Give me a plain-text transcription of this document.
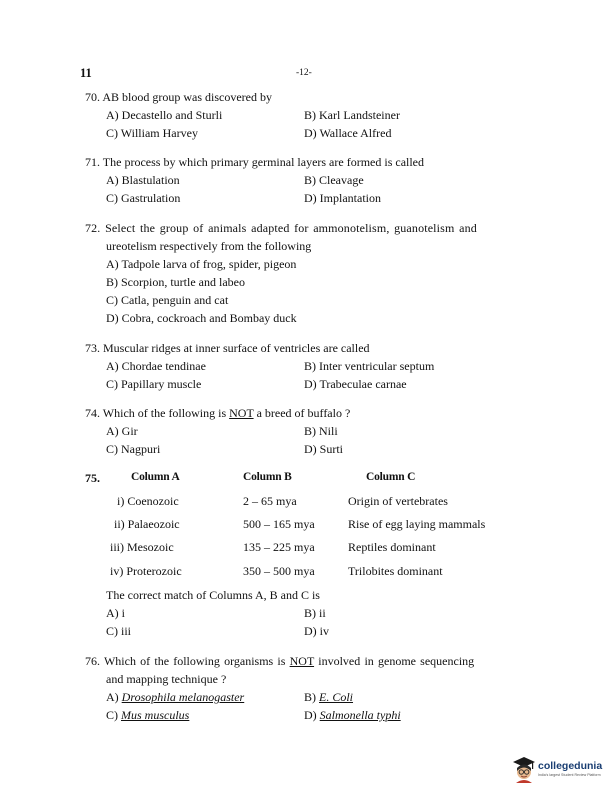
11	-12-
70. AB blood group was discovered by
A) Decastello and Sturli	B) Karl Landsteiner
C) William Harvey	D) Wallace Alfred
71. The process by which primary germinal layers are formed is called
A) Blastulation	B) Cleavage
C) Gastrulation	D) Implantation
72. Select the group of animals adapted for ammonotelism, guanotelism and
ureotelism respectively from the following
A) Tadpole larva of frog, spider, pigeon
B) Scorpion, turtle and labeo
C) Catla, penguin and cat
D) Cobra, cockroach and Bombay duck
73. Muscular ridges at inner surface of ventricles are called
A) Chordae tendinae	B) Inter ventricular septum
C) Papillary muscle	D) Trabeculae carnae
74. Which of the following is NOT a breed of buffalo ?
A) Gir	B) Nili
C) Nagpuri	D) Surti
75.	Column A	Column B	Column C
i) Coenozoic	2 – 65 mya	Origin of vertebrates
ii) Palaeozoic	500 – 165 mya	Rise of egg laying mammals
iii) Mesozoic	135 – 225 mya	Reptiles dominant
iv) Proterozoic	350 – 500 mya	Trilobites dominant
The correct match of Columns A, B and C is
A) i	B) ii
C) iii	D) iv
76. Which of the following organisms is NOT involved in genome sequencing
and mapping technique ?
A) Drosophila melanogaster	B) E. Coli
C) Mus musculus	D) Salmonella typhi
collegedunia
India's largest Student Review Platform
